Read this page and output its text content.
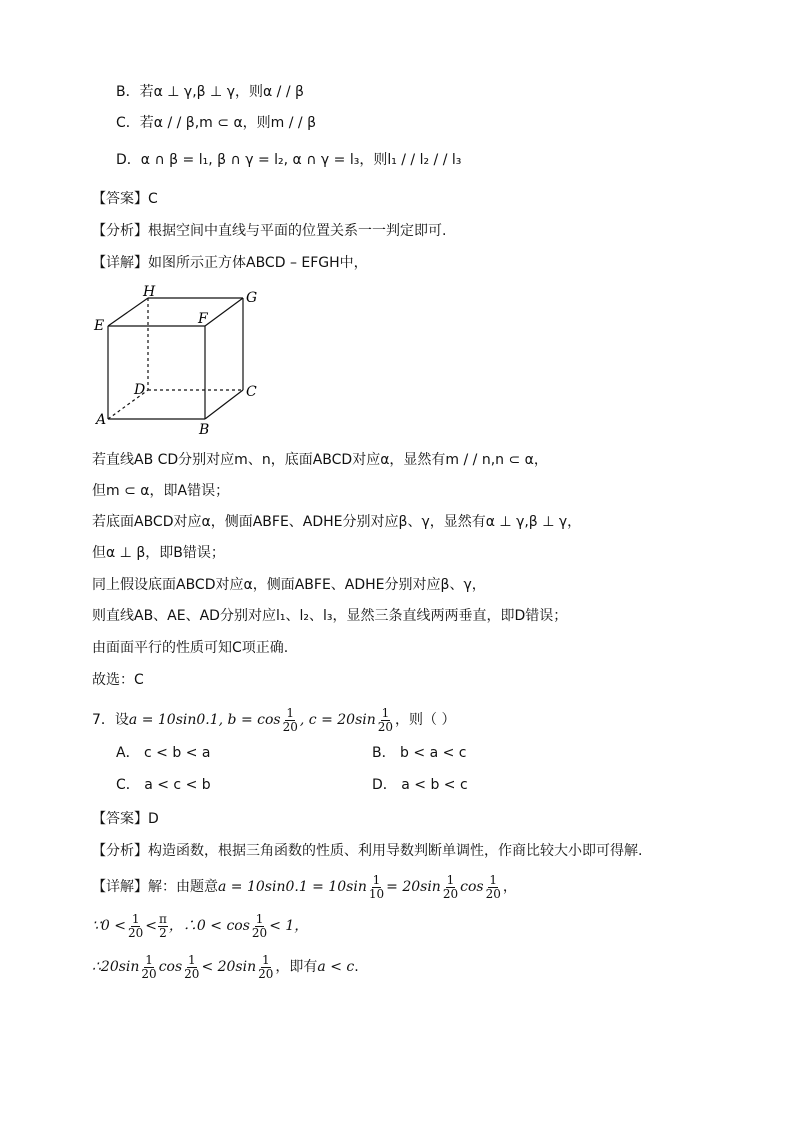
B．若α ⊥ γ,β ⊥ γ，则α / / β
C．若α / / β,m ⊂ α，则m / / β
D．α ∩ β = l₁, β ∩ γ = l₂, α ∩ γ = l₃，则l₁ / / l₂ / / l₃
【答案】C
【分析】根据空间中直线与平面的位置关系一一判定即可.
【详解】如图所示正方体ABCD – EFGH中，
H	G
E	F
D	C
A
B
若直线AB CD分别对应m、n，底面ABCD对应α，显然有m / / n,n ⊂ α，
但m ⊂ α，即A错误；
若底面ABCD对应α，侧面ABFE、ADHE分别对应β、γ，显然有α ⊥ γ,β ⊥ γ，
但α ⊥ β，即B错误；
同上假设底面ABCD对应α，侧面ABFE、ADHE分别对应β、γ，
则直线AB、AE、AD分别对应l₁、l₂、l₃，显然三条直线两两垂直，即D错误；
由面面平行的性质可知C项正确.
故选：C
7．设a = 10sin0.1, $b = \cos \frac{1}{20}$ , $c = 20\sin \frac{1}{20}$ ，则（ ）
A． c < b < a	B． b < a < c
C． a < c < b	D． a < b < c
【答案】D
【分析】构造函数，根据三角函数的性质、利用导数判断单调性，作商比较大小即可得解.
【详解】解：由题意$a = 10\sin 0.1 = 10\sin \frac{1}{10} = 20\sin \frac{1}{20}$ $\cos \frac{1}{20}$ ，
∵0 < $\frac{1}{20} < \frac{\pi}{2}$ ，∴0 < $\cos \frac{1}{20} < 1$，
∴20sin $\frac{1}{20}$ $\cos \frac{1}{20} < 20\sin \frac{1}{20}$ ，即有a < c.
